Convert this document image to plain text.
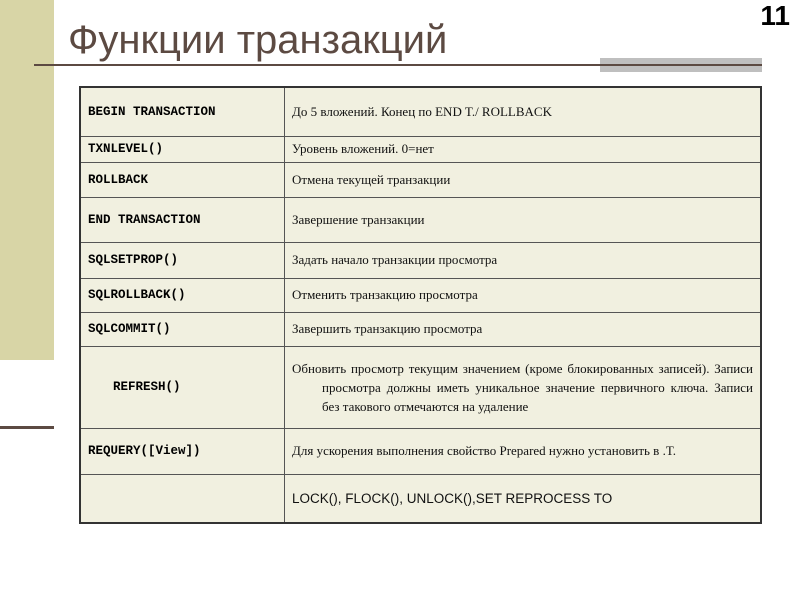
Функции транзакций
11
BEGIN TRANSACTION	До 5 вложений. Конец по END T./ ROLLBACK
TXNLEVEL()	Уровень вложений. 0=нет
ROLLBACK	Отмена текущей транзакции
END TRANSACTION	Завершение транзакции
SQLSETPROP()	Задать начало транзакции просмотра
SQLROLLBACK()	Отменить транзакцию просмотра
SQLCOMMIT()	Завершить транзакцию просмотра
REFRESH()	Обновить просмотр текущим значением (кроме блокированных записей). Записи просмотра должны иметь уникальное значение первичного ключа. Записи без такового отмечаются на удаление
REQUERY([View])	Для ускорения выполнения свойство Prepared нужно установить в .T.
	LOCK(), FLOCK(), UNLOCK(),SET REPROCESS TO
